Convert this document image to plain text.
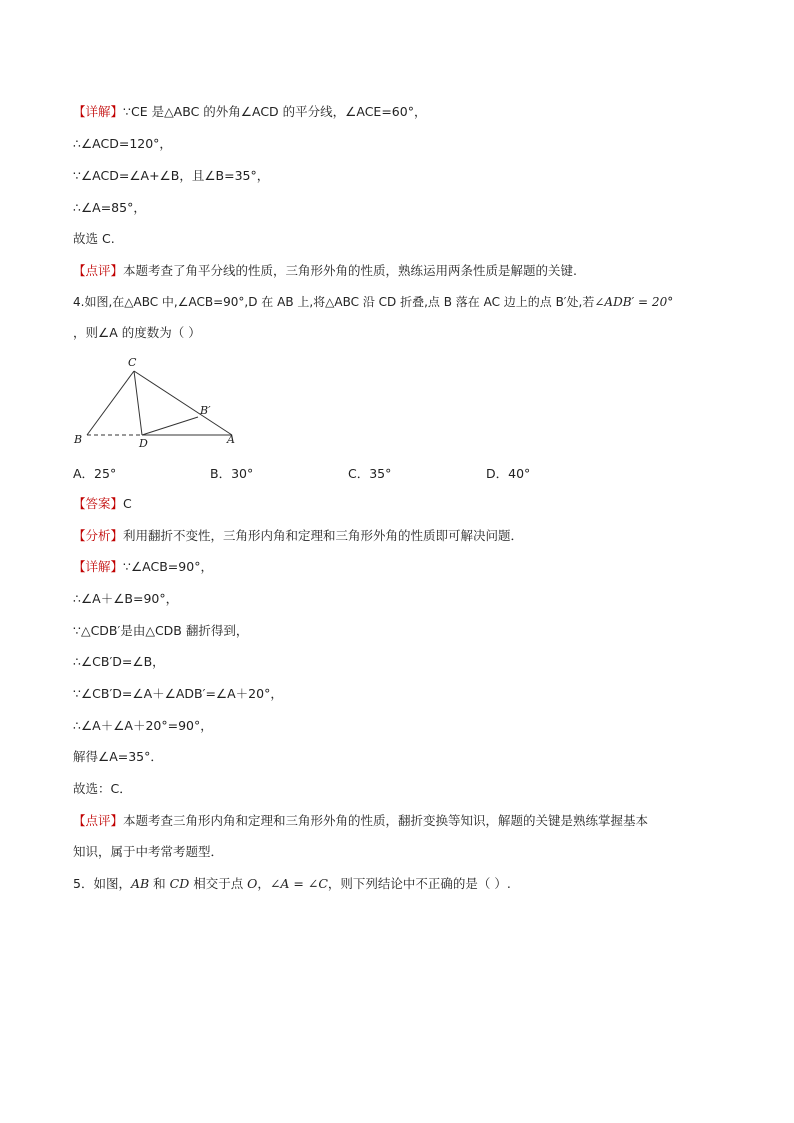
【详解】∵CE 是△ABC 的外角∠ACD 的平分线，∠ACE=60°，
∴∠ACD=120°，
∵∠ACD=∠A+∠B，且∠B=35°，
∴∠A=85°，
故选 C.
【点评】本题考查了角平分线的性质，三角形外角的性质，熟练运用两条性质是解题的关键.
4.如图,在△ABC 中,∠ACB=90°,D 在 AB 上,将△ABC 沿 CD 折叠,点 B 落在 AC 边上的点 B′处,若∠ADB′ = 20°
，则∠A 的度数为（ ）
C
B′
B	D	A
A．25°	B．30°	C．35°	D．40°
【答案】C
【分析】利用翻折不变性，三角形内角和定理和三角形外角的性质即可解决问题．
【详解】∵∠ACB=90°，
∴∠A＋∠B=90°，
∵△CDB′是由△CDB 翻折得到，
∴∠CB′D=∠B，
∵∠CB′D=∠A＋∠ADB′=∠A＋20°，
∴∠A＋∠A＋20°=90°，
解得∠A=35°．
故选：C．
【点评】本题考查三角形内角和定理和三角形外角的性质，翻折变换等知识，解题的关键是熟练掌握基本
知识，属于中考常考题型．
5．如图，AB 和 CD 相交于点 O，∠A = ∠C，则下列结论中不正确的是（ ）.
